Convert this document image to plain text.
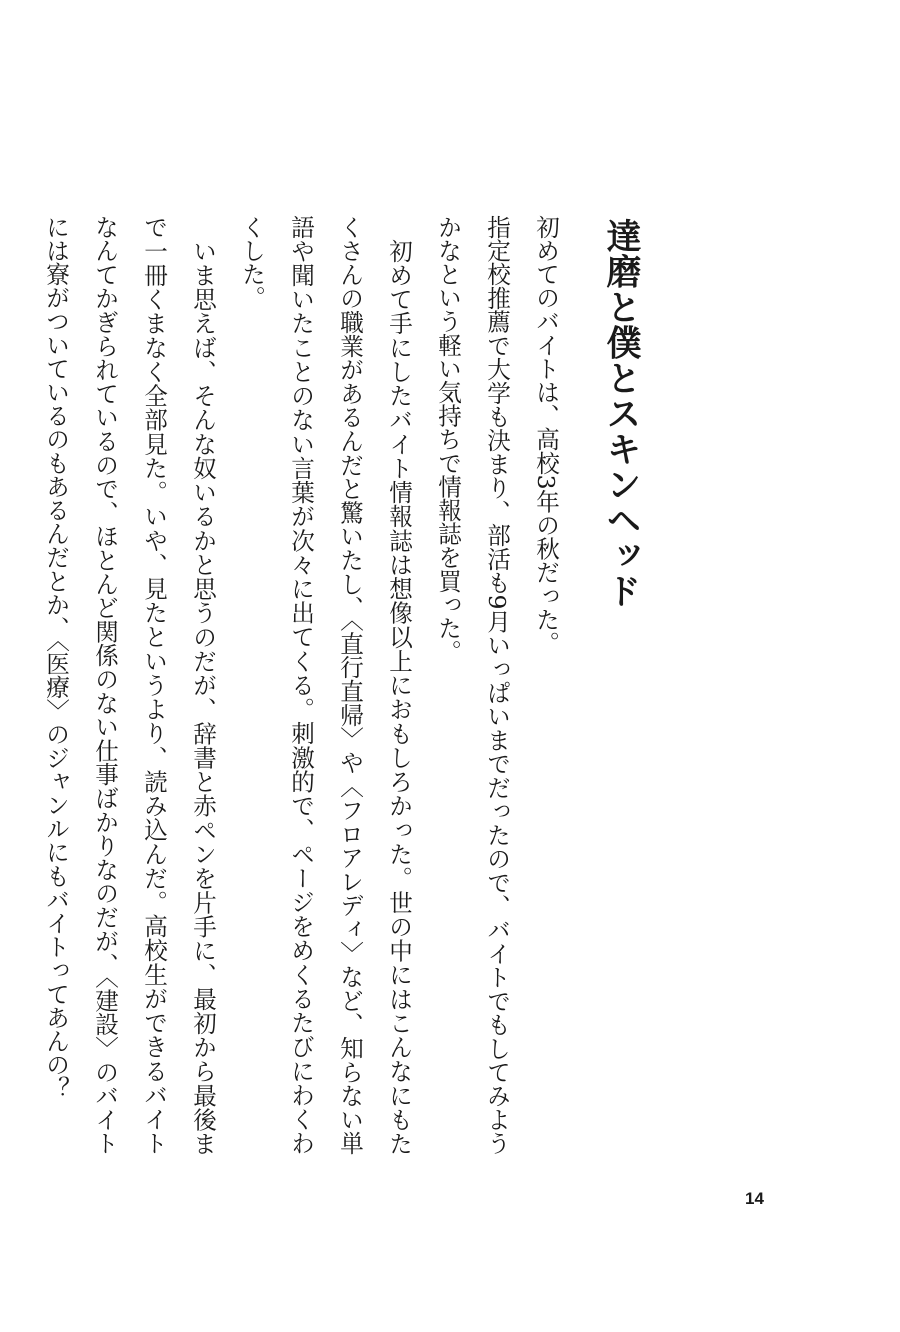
達磨と僕とスキンヘッド

初めてのバイトは、高校3年の秋だった。

指定校推薦で大学も決まり、部活も9月いっぱいまでだったので、バイトでもしてみようかなという軽い気持ちで情報誌を買った。

初めて手にしたバイト情報誌は想像以上におもしろかった。世の中にはこんなにもたくさんの職業があるんだと驚いたし、〈直行直帰〉や〈フロアレディ〉など、知らない単語や聞いたことのない言葉が次々に出てくる。刺激的で、ページをめくるたびにわくわくした。

いま思えば、そんな奴いるかと思うのだが、辞書と赤ペンを片手に、最初から最後まで一冊くまなく全部見た。いや、見たというより、読み込んだ。高校生ができるバイトなんてかぎられているので、ほとんど関係のない仕事ばかりなのだが、〈建設〉のバイトには寮がついているのもあるんだとか、〈医療〉のジャンルにもバイトってあんの？

14
